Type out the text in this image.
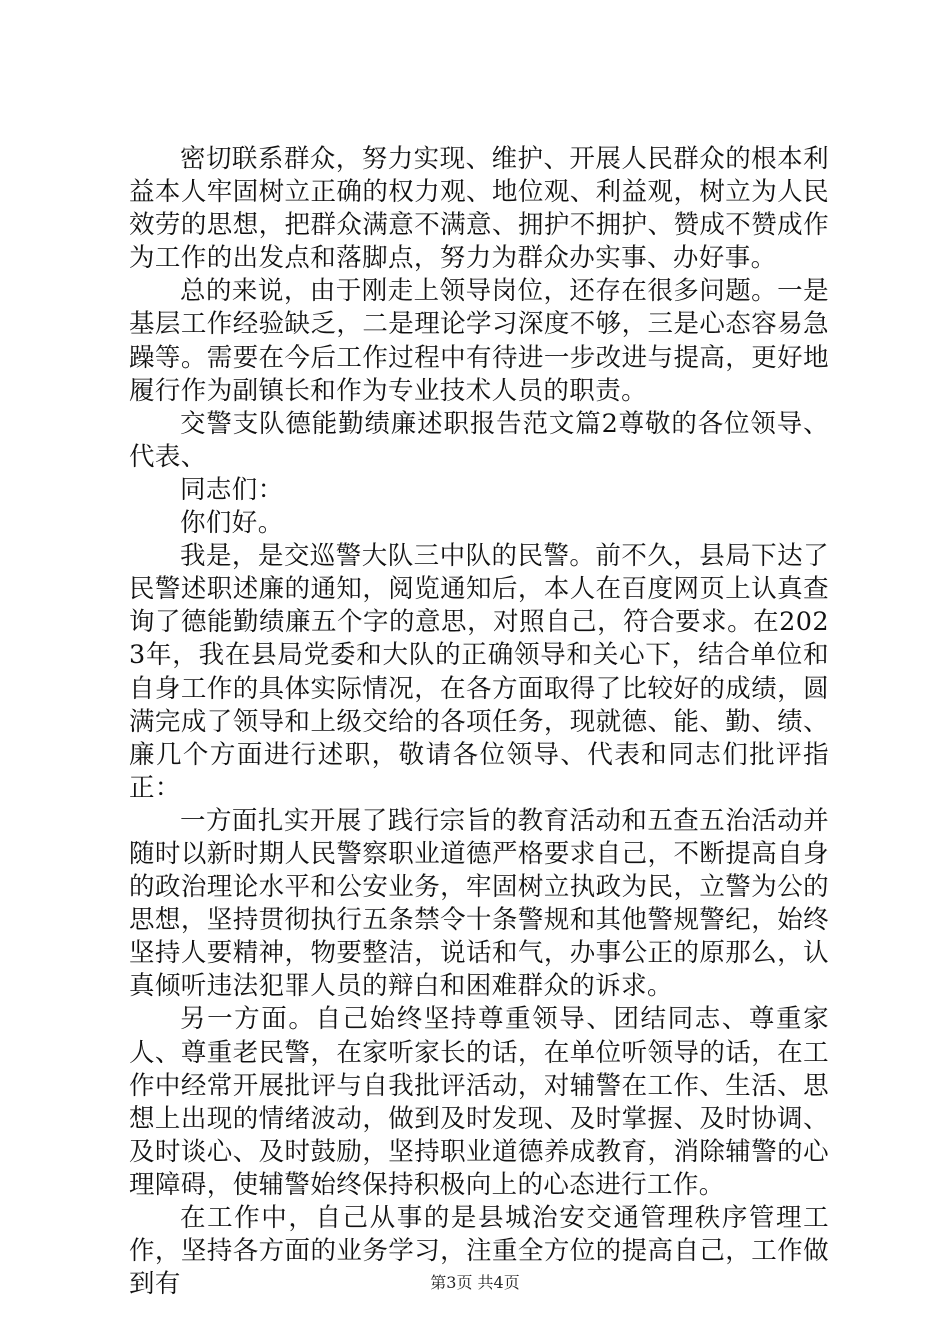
密切联系群众，努力实现、维护、开展人民群众的根本利益本人牢固树立正确的权力观、地位观、利益观，树立为人民效劳的思想，把群众满意不满意、拥护不拥护、赞成不赞成作为工作的出发点和落脚点，努力为群众办实事、办好事。

总的来说，由于刚走上领导岗位，还存在很多问题。一是基层工作经验缺乏，二是理论学习深度不够，三是心态容易急躁等。需要在今后工作过程中有待进一步改进与提高，更好地履行作为副镇长和作为专业技术人员的职责。

交警支队德能勤绩廉述职报告范文篇2尊敬的各位领导、代表、

同志们：

你们好。

我是，是交巡警大队三中队的民警。前不久，县局下达了民警述职述廉的通知，阅览通知后，本人在百度网页上认真查询了德能勤绩廉五个字的意思，对照自己，符合要求。在2023年，我在县局党委和大队的正确领导和关心下，结合单位和自身工作的具体实际情况，在各方面取得了比较好的成绩，圆满完成了领导和上级交给的各项任务，现就德、能、勤、绩、廉几个方面进行述职，敬请各位领导、代表和同志们批评指正：

一方面扎实开展了践行宗旨的教育活动和五查五治活动并随时以新时期人民警察职业道德严格要求自己，不断提高自身的政治理论水平和公安业务，牢固树立执政为民，立警为公的思想，坚持贯彻执行五条禁令十条警规和其他警规警纪，始终坚持人要精神，物要整洁，说话和气，办事公正的原那么，认真倾听违法犯罪人员的辩白和困难群众的诉求。

另一方面。自己始终坚持尊重领导、团结同志、尊重家人、尊重老民警，在家听家长的话，在单位听领导的话，在工作中经常开展批评与自我批评活动，对辅警在工作、生活、思想上出现的情绪波动，做到及时发现、及时掌握、及时协调、及时谈心、及时鼓励，坚持职业道德养成教育，消除辅警的心理障碍，使辅警始终保持积极向上的心态进行工作。

在工作中，自己从事的是县城治安交通管理秩序管理工作，坚持各方面的业务学习，注重全方位的提高自己，工作做到有	第3页 共4页
